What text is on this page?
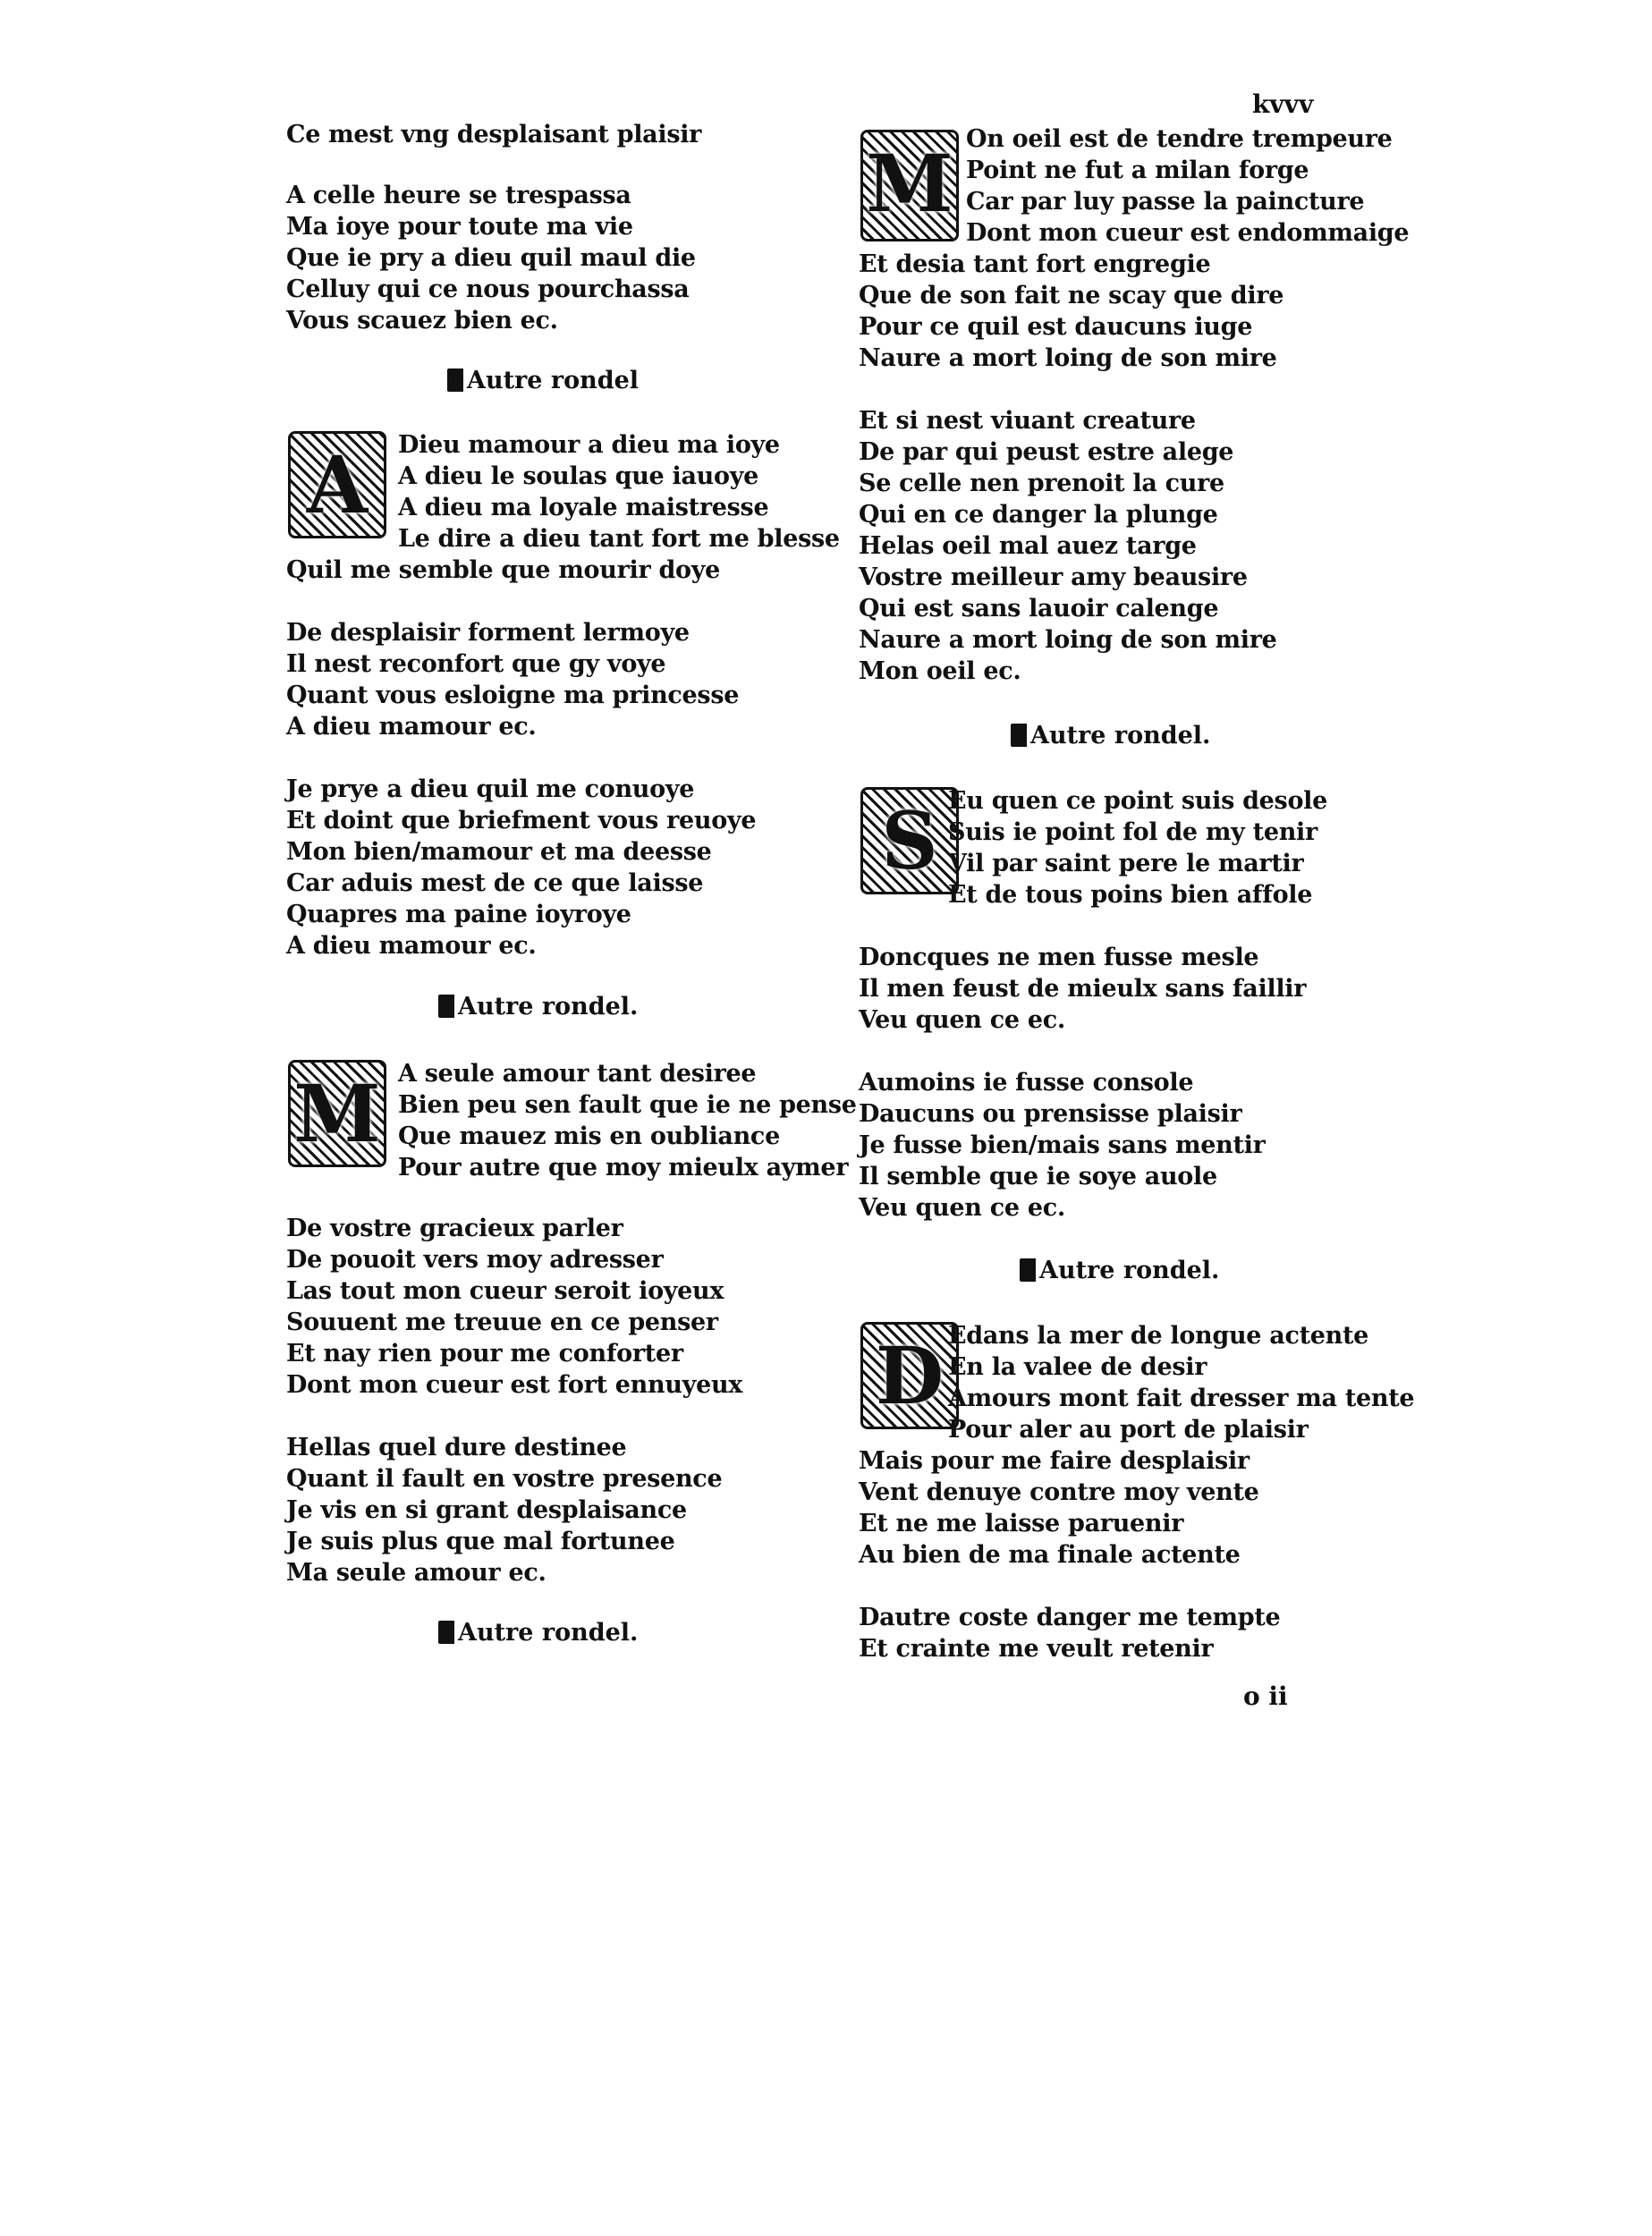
kvvv
Ce mest vng desplaisant plaisir
A celle heure se trespassa
Ma ioye pour toute ma vie
Que ie pry a dieu quil maul die
Celluy qui ce nous pourchassa
Vous scauez bien ec.
Autre rondel
A	Dieu mamour a dieu ma ioye
A dieu le soulas que iauoye
A dieu ma loyale maistresse
Le dire a dieu tant fort me blesse
Quil me semble que mourir doye
De desplaisir forment lermoye
Il nest reconfort que gy voye
Quant vous esloigne ma princesse
A dieu mamour ec.
Je prye a dieu quil me conuoye
Et doint que briefment vous reuoye
Mon bien/mamour et ma deesse
Car aduis mest de ce que laisse
Quapres ma paine ioyroye
A dieu mamour ec.
Autre rondel.
M A seule amour tant desiree
Bien peu sen fault que ie ne pense
Que mauez mis en oubliance
Pour autre que moy mieulx aymer
De vostre gracieux parler
De pouoit vers moy adresser
Las tout mon cueur seroit ioyeux
Souuent me treuue en ce penser
Et nay rien pour me conforter
Dont mon cueur est fort ennuyeux
Hellas quel dure destinee
Quant il fault en vostre presence
Je vis en si grant desplaisance
Je suis plus que mal fortunee
Ma seule amour ec.
Autre rondel.
M On oeil est de tendre trempeure
Point ne fut a milan forge
Car par luy passe la paincture
Dont mon cueur est endommaige
Et desia tant fort engregie
Que de son fait ne scay que dire
Pour ce quil est daucuns iuge
Naure a mort loing de son mire
Et si nest viuant creature
De par qui peust estre alege
Se celle nen prenoit la cure
Qui en ce danger la plunge
Helas oeil mal auez targe
Vostre meilleur amy beausire
Qui est sans lauoir calenge
Naure a mort loing de son mire
Mon oeil ec.
Autre rondel.
S Eu quen ce point suis desole
Suis ie point fol de my tenir
Vil par saint pere le martir
Et de tous poins bien affole
Doncques ne men fusse mesle
Il men feust de mieulx sans faillir
Veu quen ce ec.
Aumoins ie fusse console
Daucuns ou prensisse plaisir
Je fusse bien/mais sans mentir
Il semble que ie soye auole
Veu quen ce ec.
Autre rondel.
D Edans la mer de longue actente
En la valee de desir
Amours mont fait dresser ma tente
Pour aler au port de plaisir
Mais pour me faire desplaisir
Vent denuye contre moy vente
Et ne me laisse paruenir
Au bien de ma finale actente
Dautre coste danger me tempte
Et crainte me veult retenir
o ii
